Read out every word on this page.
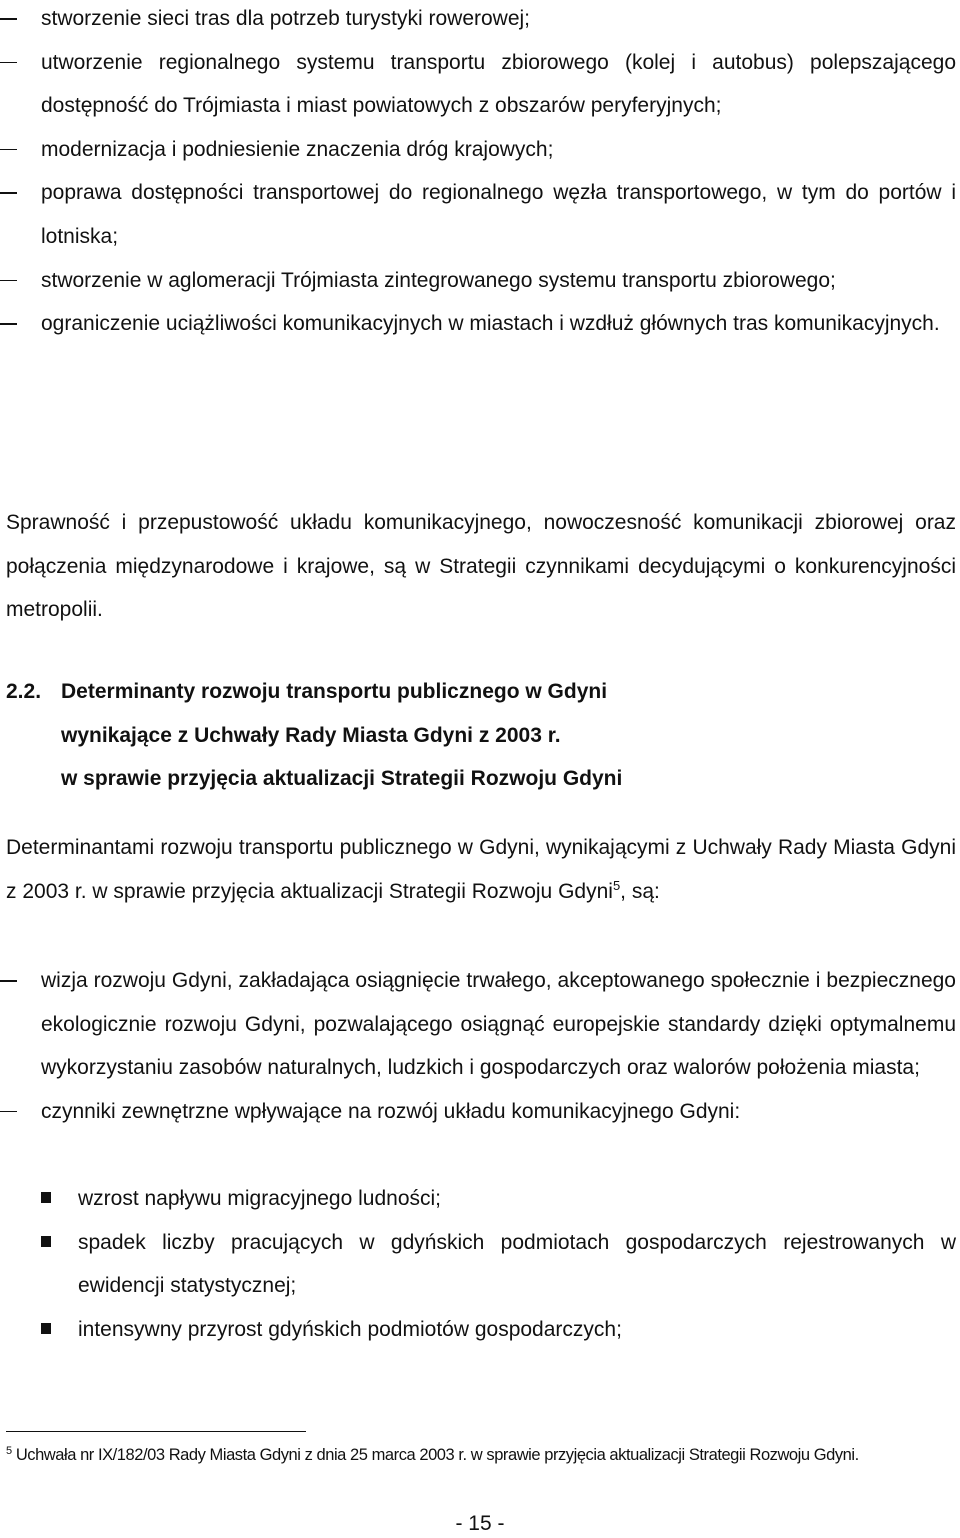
stworzenie sieci tras dla potrzeb turystyki rowerowej;
utworzenie regionalnego systemu transportu zbiorowego (kolej i autobus) polepszającego dostępność do Trójmiasta i miast powiatowych z obszarów peryferyjnych;
modernizacja i podniesienie znaczenia dróg krajowych;
poprawa dostępności transportowej do regionalnego węzła transportowego, w tym do portów i lotniska;
stworzenie w aglomeracji Trójmiasta zintegrowanego systemu transportu zbiorowego;
ograniczenie uciążliwości komunikacyjnych w miastach i wzdłuż głównych tras komunikacyjnych.

Sprawność i przepustowość układu komunikacyjnego, nowoczesność komunikacji zbiorowej oraz połączenia międzynarodowe i krajowe, są w Strategii czynnikami decydującymi o konkurencyjności metropolii.

2.2. Determinanty rozwoju transportu publicznego w Gdyni
wynikające z Uchwały Rady Miasta Gdyni z 2003 r.
w sprawie przyjęcia aktualizacji Strategii Rozwoju Gdyni

Determinantami rozwoju transportu publicznego w Gdyni, wynikającymi z Uchwały Rady Miasta Gdyni z 2003 r. w sprawie przyjęcia aktualizacji Strategii Rozwoju Gdyni$^5$, są:

wizja rozwoju Gdyni, zakładająca osiągnięcie trwałego, akceptowanego społecznie i bezpiecznego ekologicznie rozwoju Gdyni, pozwalającego osiągnąć europejskie standardy dzięki optymalnemu wykorzystaniu zasobów naturalnych, ludzkich i gospodarczych oraz walorów położenia miasta;
czynniki zewnętrzne wpływające na rozwój układu komunikacyjnego Gdyni:
wzrost napływu migracyjnego ludności;
spadek liczby pracujących w gdyńskich podmiotach gospodarczych rejestrowanych w ewidencji statystycznej;
intensywny przyrost gdyńskich podmiotów gospodarczych;
$^5$ Uchwała nr IX/182/03 Rady Miasta Gdyni z dnia 25 marca 2003 r. w sprawie przyjęcia aktualizacji Strategii Rozwoju Gdyni.
- 15 -
